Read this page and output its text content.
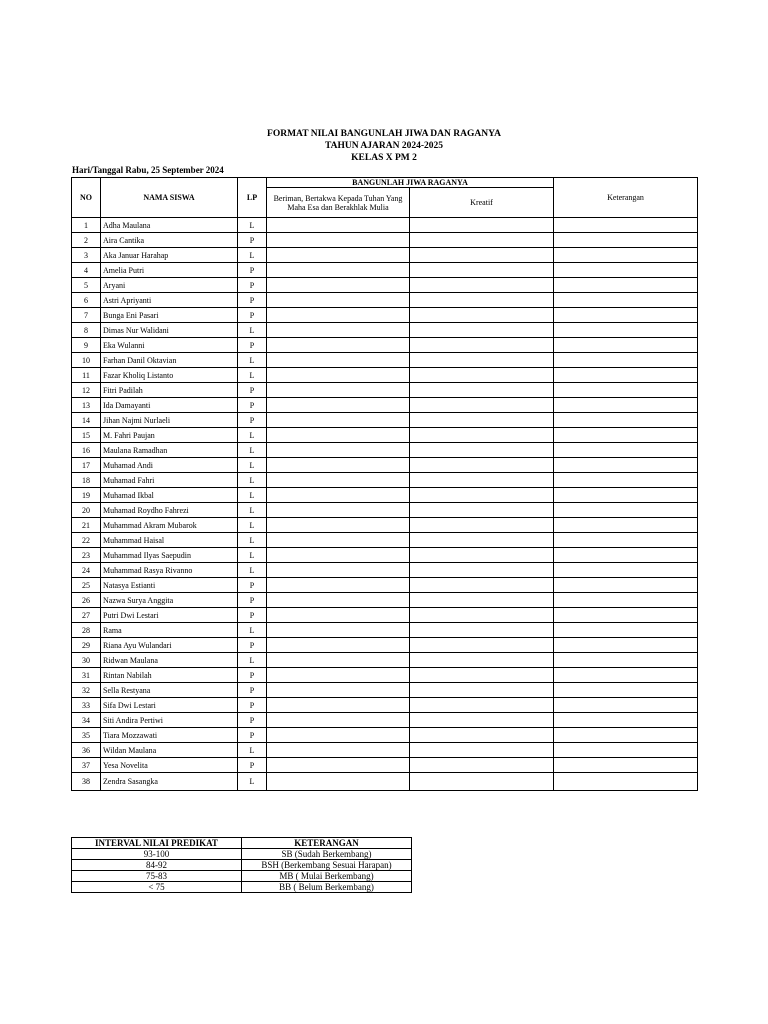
FORMAT NILAI BANGUNLAH JIWA DAN RAGANYA
TAHUN AJARAN 2024-2025
KELAS X PM 2
Hari/Tanggal Rabu, 25 September 2024
NO	NAMA SISWA	LP	BANGUNLAH JIWA RAGANYA		Keterangan
			Beriman, Bertakwa Kepada Tuhan Yang Maha Esa dan Berakhlak Mulia	Kreatif	
1	Adha Maulana	L			
2	Aira Cantika	P			
3	Aka Januar Harahap	L			
4	Amelia Putri	P			
5	Aryani	P			
6	Astri Apriyanti	P			
7	Bunga Eni Pasari	P			
8	Dimas Nur Walidani	L			
9	Eka Wulanni	P			
10	Farhan Danil Oktavian	L			
11	Fazar Kholiq Listanto	L			
12	Fitri Padilah	P			
13	Ida Damayanti	P			
14	Jihan Najmi Nurlaeli	P			
15	M. Fahri Paujan	L			
16	Maulana Ramadhan	L			
17	Muhamad Andi	L			
18	Muhamad Fahri	L			
19	Muhamad Ikbal	L			
20	Muhamad Roydho Fahrezi	L			
21	Muhammad Akram Mubarok	L			
22	Muhammad Haisal	L			
23	Muhammad Ilyas Saepudin	L			
24	Muhammad Rasya Rivanno	L			
25	Natasya Estianti	P			
26	Nazwa Surya Anggita	P			
27	Putri Dwi Lestari	P			
28	Rama	L			
29	Riana Ayu Wulandari	P			
30	Ridwan Maulana	L			
31	Rintan Nabilah	P			
32	Sella Restyana	P			
33	Sifa Dwi Lestari	P			
34	Siti Andira Pertiwi	P			
35	Tiara Mozzawati	P			
36	Wildan Maulana	L			
37	Yesa Novelita	P			
38	Zendra Sasangka	L			
INTERVAL NILAI PREDIKAT	KETERANGAN
93-100	SB (Sudah Berkembang)
84-92	BSH (Berkembang Sesuai Harapan)
75-83	MB ( Mulai Berkembang)
< 75	BB ( Belum Berkembang)
